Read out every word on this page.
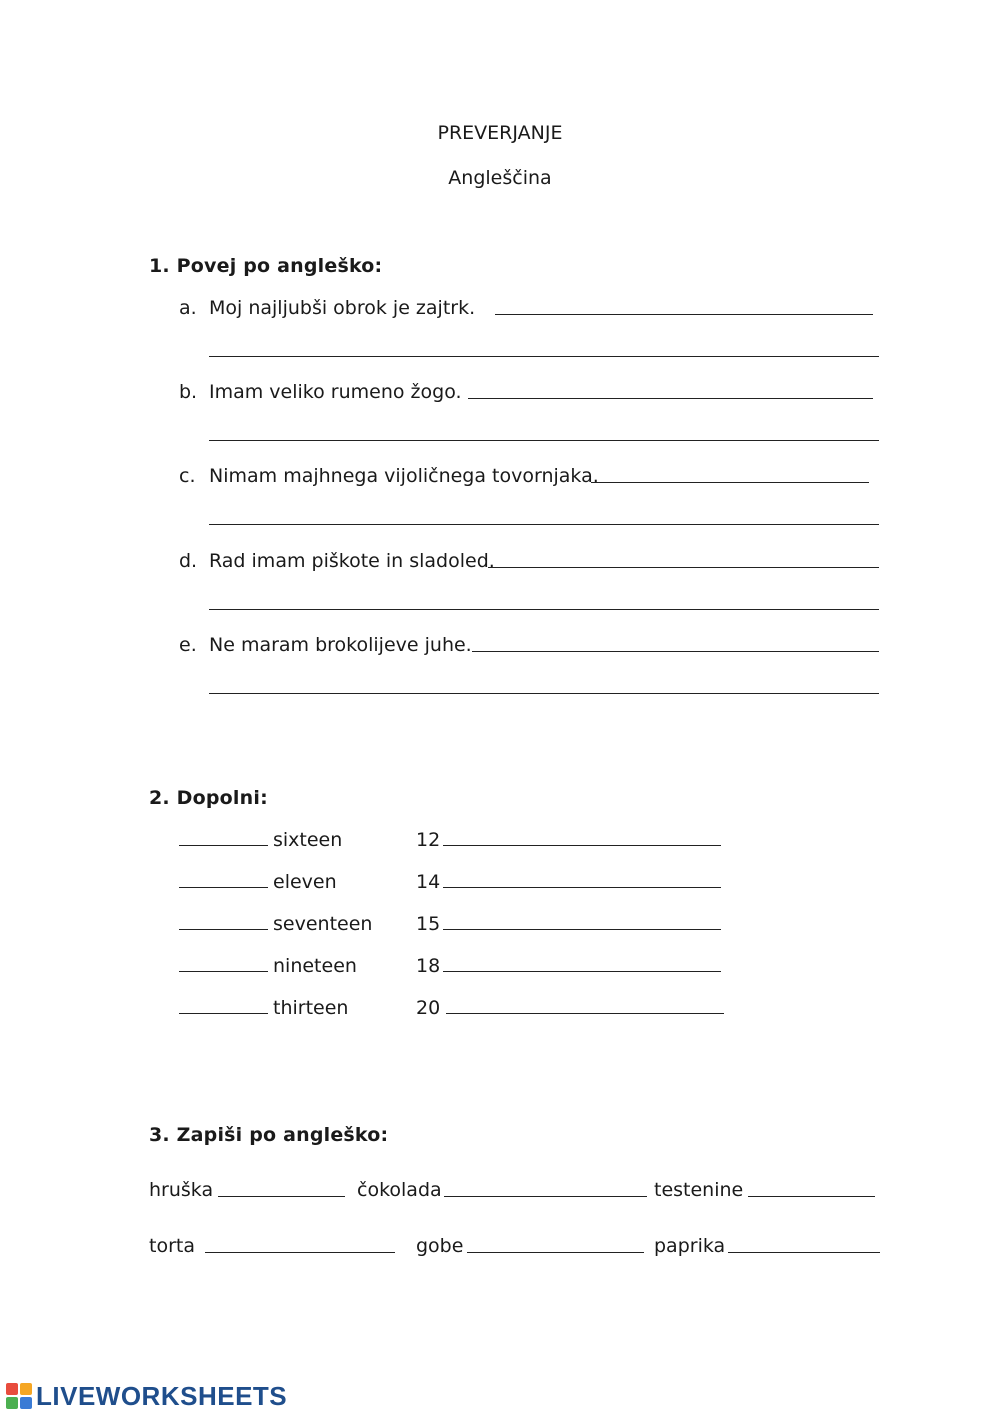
PREVERJANJE
Angleščina
1. Povej po angleško:
a. Moj najljubši obrok je zajtrk.
b. Imam veliko rumeno žogo.
c. Nimam majhnega vijoličnega tovornjaka.
d. Rad imam piškote in sladoled.
e. Ne maram brokolijeve juhe.
2. Dopolni:
sixteen	12
eleven	14
seventeen 15
nineteen	18
thirteen	20
3. Zapiši po angleško:
hruška	čokolada	testenine
torta	gobe	paprika
LIVEWORKSHEETS
